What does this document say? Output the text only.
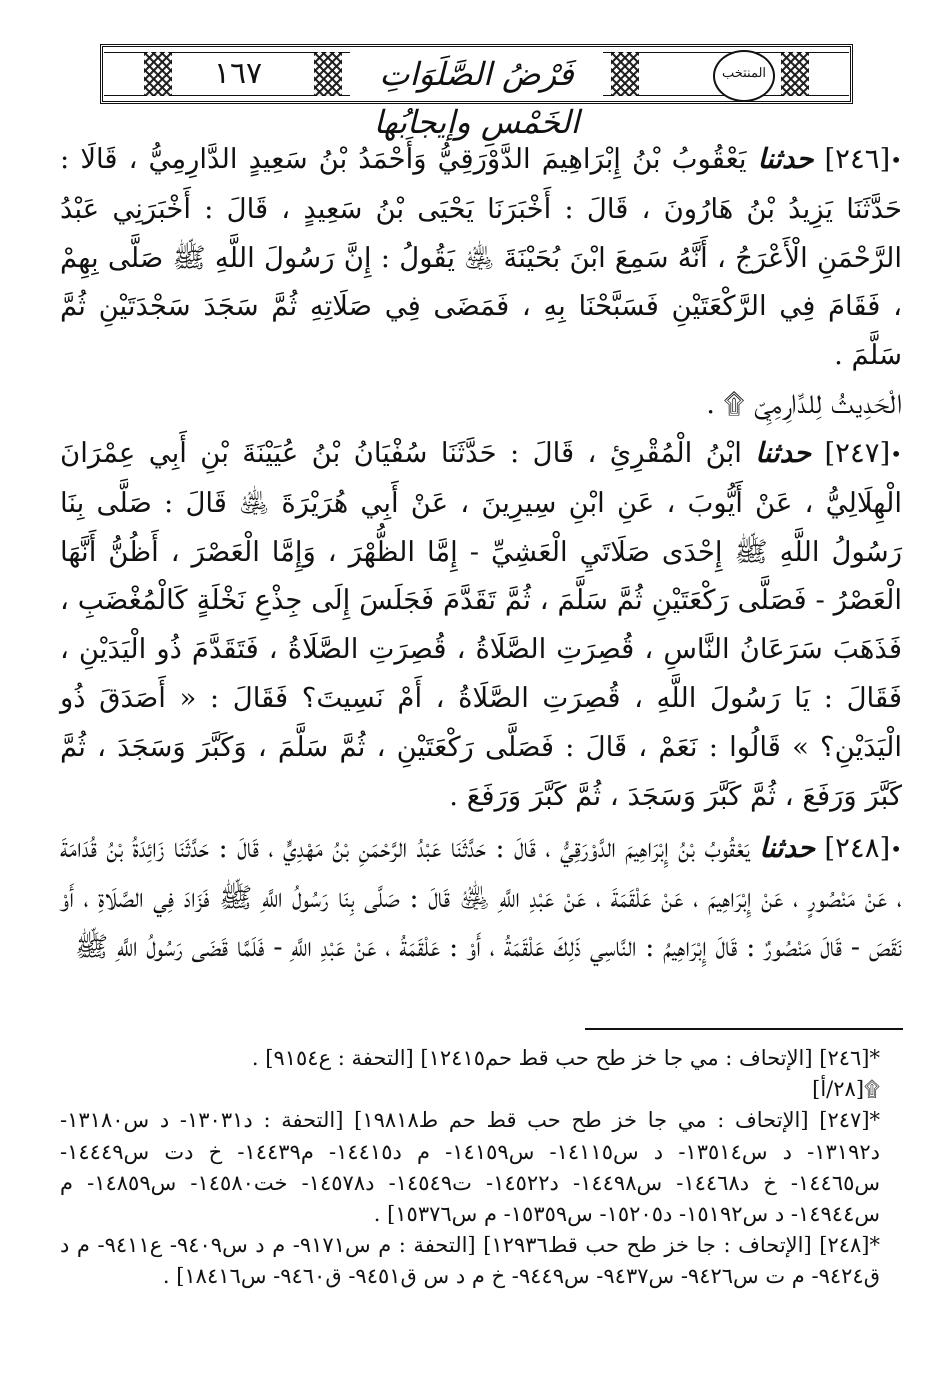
المنتخب
فَرْضُ الصَّلَوَاتِ الخَمْسِ وإيجابُها
١٦٧

•[٢٤٦] حدثنا يَعْقُوبُ بْنُ إِبْرَاهِيمَ الدَّوْرَقِيُّ وَأَحْمَدُ بْنُ سَعِيدٍ الدَّارِمِيُّ ، قَالَا : حَدَّثَنَا يَزِيدُ بْنُ هَارُونَ ، قَالَ : أَخْبَرَنَا يَحْيَى بْنُ سَعِيدٍ ، قَالَ : أَخْبَرَنِي عَبْدُ الرَّحْمَنِ الْأَعْرَجُ ، أَنَّهُ سَمِعَ ابْنَ بُحَيْنَةَ ﵁ يَقُولُ : إِنَّ رَسُولَ اللَّهِ ﷺ صَلَّى بِهِمْ ، فَقَامَ فِي الرَّكْعَتَيْنِ فَسَبَّحْنَا بِهِ ، فَمَضَى فِي صَلَاتِهِ ثُمَّ سَجَدَ سَجْدَتَيْنِ ثُمَّ سَلَّمَ .

الْحَدِيثُ لِلدَّارِمِيِّ ۩ .

•[٢٤٧] حدثنا ابْنُ الْمُقْرِئِ ، قَالَ : حَدَّثَنَا سُفْيَانُ بْنُ عُيَيْنَةَ بْنِ أَبِي عِمْرَانَ الْهِلَالِيُّ ، عَنْ أَيُّوبَ ، عَنِ ابْنِ سِيرِينَ ، عَنْ أَبِي هُرَيْرَةَ ﵁ قَالَ : صَلَّى بِنَا رَسُولُ اللَّهِ ﷺ إِحْدَى صَلَاتَيِ الْعَشِيِّ - إِمَّا الظُّهْرَ ، وَإِمَّا الْعَصْرَ ، أَظُنُّ أَنَّهَا الْعَصْرُ - فَصَلَّى رَكْعَتَيْنِ ثُمَّ سَلَّمَ ، ثُمَّ تَقَدَّمَ فَجَلَسَ إِلَى جِذْعِ نَخْلَةٍ كَالْمُغْضَبِ ، فَذَهَبَ سَرَعَانُ النَّاسِ ، قُصِرَتِ الصَّلَاةُ ، قُصِرَتِ الصَّلَاةُ ، فَتَقَدَّمَ ذُو الْيَدَيْنِ ، فَقَالَ : يَا رَسُولَ اللَّهِ ، قُصِرَتِ الصَّلَاةُ ، أَمْ نَسِيتَ؟ فَقَالَ : « أَصَدَقَ ذُو الْيَدَيْنِ؟ » قَالُوا : نَعَمْ ، قَالَ : فَصَلَّى رَكْعَتَيْنِ ، ثُمَّ سَلَّمَ ، وَكَبَّرَ وَسَجَدَ ، ثُمَّ كَبَّرَ وَرَفَعَ ، ثُمَّ كَبَّرَ وَسَجَدَ ، ثُمَّ كَبَّرَ وَرَفَعَ .

•[٢٤٨] حدثنا يَعْقُوبُ بْنُ إِبْرَاهِيمَ الدَّوْرَقِيُّ ، قَالَ : حَدَّثَنَا عَبْدُ الرَّحْمَنِ بْنُ مَهْدِيٍّ ، قَالَ : حَدَّثَنَا زَائِدَةُ بْنُ قُدَامَةَ ، عَنْ مَنْصُورٍ ، عَنْ إِبْرَاهِيمَ ، عَنْ عَلْقَمَةَ ، عَنْ عَبْدِ اللَّهِ ﵁ قَالَ : صَلَّى بِنَا رَسُولُ اللَّهِ ﷺ فَزَادَ فِي الصَّلَاةِ ، أَوْ نَقَصَ - قَالَ مَنْصُورٌ : قَالَ إِبْرَاهِيمُ : النَّاسِي ذَلِكَ عَلْقَمَةُ ، أَوْ : عَلْقَمَةُ ، عَنْ عَبْدِ اللَّهِ - فَلَمَّا قَضَى رَسُولُ اللَّهِ ﷺ

*[٢٤٦] [الإتحاف : مي جا خز طح حب قط حم١٢٤١٥] [التحفة : ع٩١٥٤] .

۩[٢٨/أ]

*[٢٤٧] [الإتحاف : مي جا خز طح حب قط حم ط١٩٨١٨] [التحفة : د١٣٠٣١- د س١٣١٨٠- د١٣١٩٢- د س١٣٥١٤- د س١٤١١٥- س١٤١٥٩- م د١٤٤١٥- م١٤٤٣٩- خ دت س١٤٤٤٩- س١٤٤٦٥- خ د١٤٤٦٨- س١٤٤٩٨- د١٤٥٢٢- ت١٤٥٤٩- د١٤٥٧٨- خت١٤٥٨٠- س١٤٨٥٩- م س١٤٩٤٤- د س١٥١٩٢- د١٥٢٠٥- س١٥٣٥٩- م س١٥٣٧٦] .

*[٢٤٨] [الإتحاف : جا خز طح حب قط١٢٩٣٦] [التحفة : م س٩١٧١- م د س٩٤٠٩- ع٩٤١١- م د ق٩٤٢٤- م ت س٩٤٢٦- س٩٤٣٧- س٩٤٤٩- خ م د س ق٩٤٥١- ق٩٤٦٠- س١٨٤١٦] .
